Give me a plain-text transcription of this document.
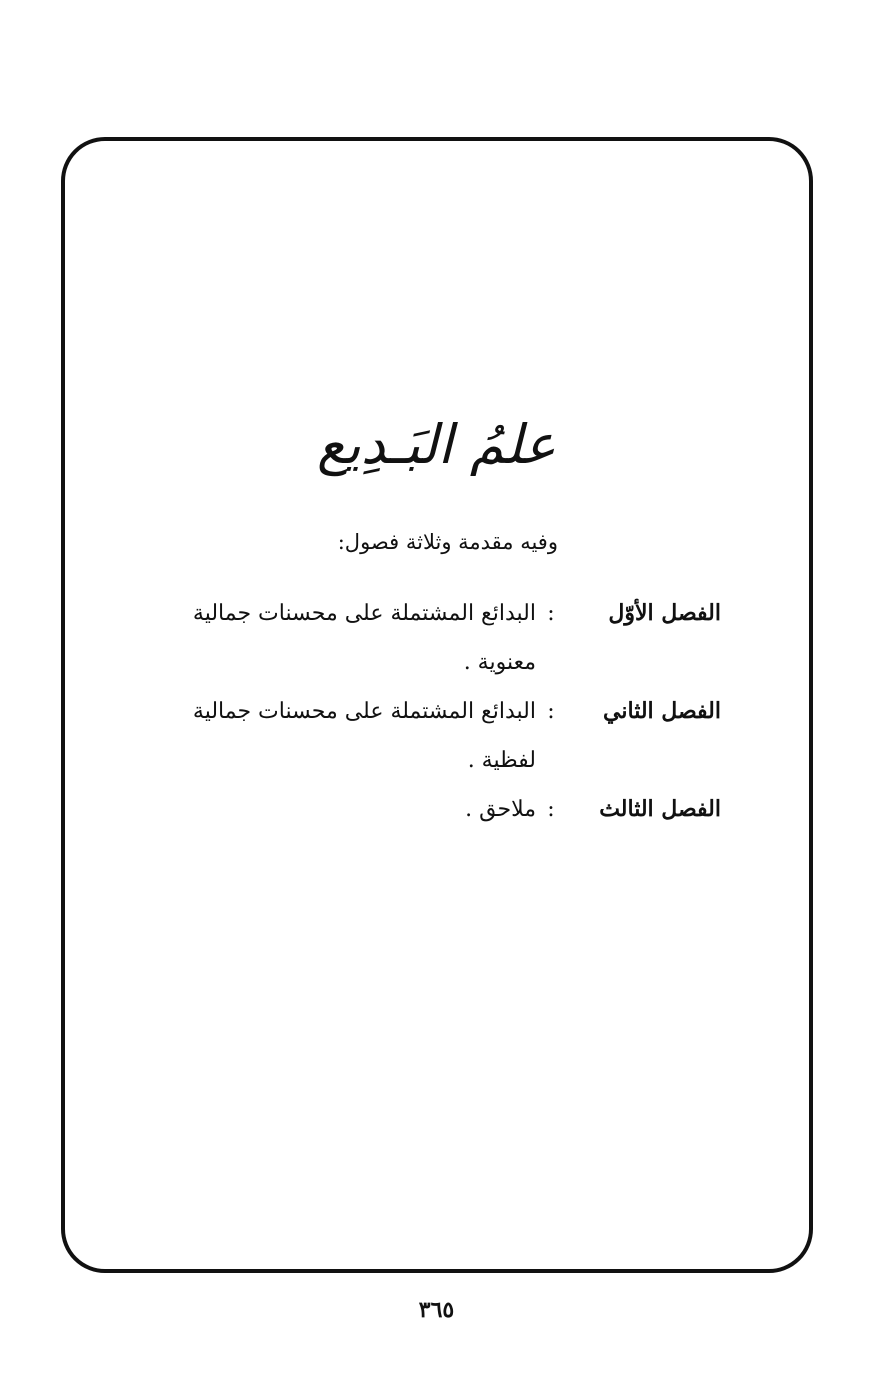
علمُ البَـدِيع
وفيه مقدمة وثلاثة فصول:
الفصل الأوّل
:
البدائع المشتملة على محسنات جمالية
معنوية .
الفصل الثاني
:
البدائع المشتملة على محسنات جمالية
لفظية .
الفصل الثالث
:
ملاحق .
٣٦٥
